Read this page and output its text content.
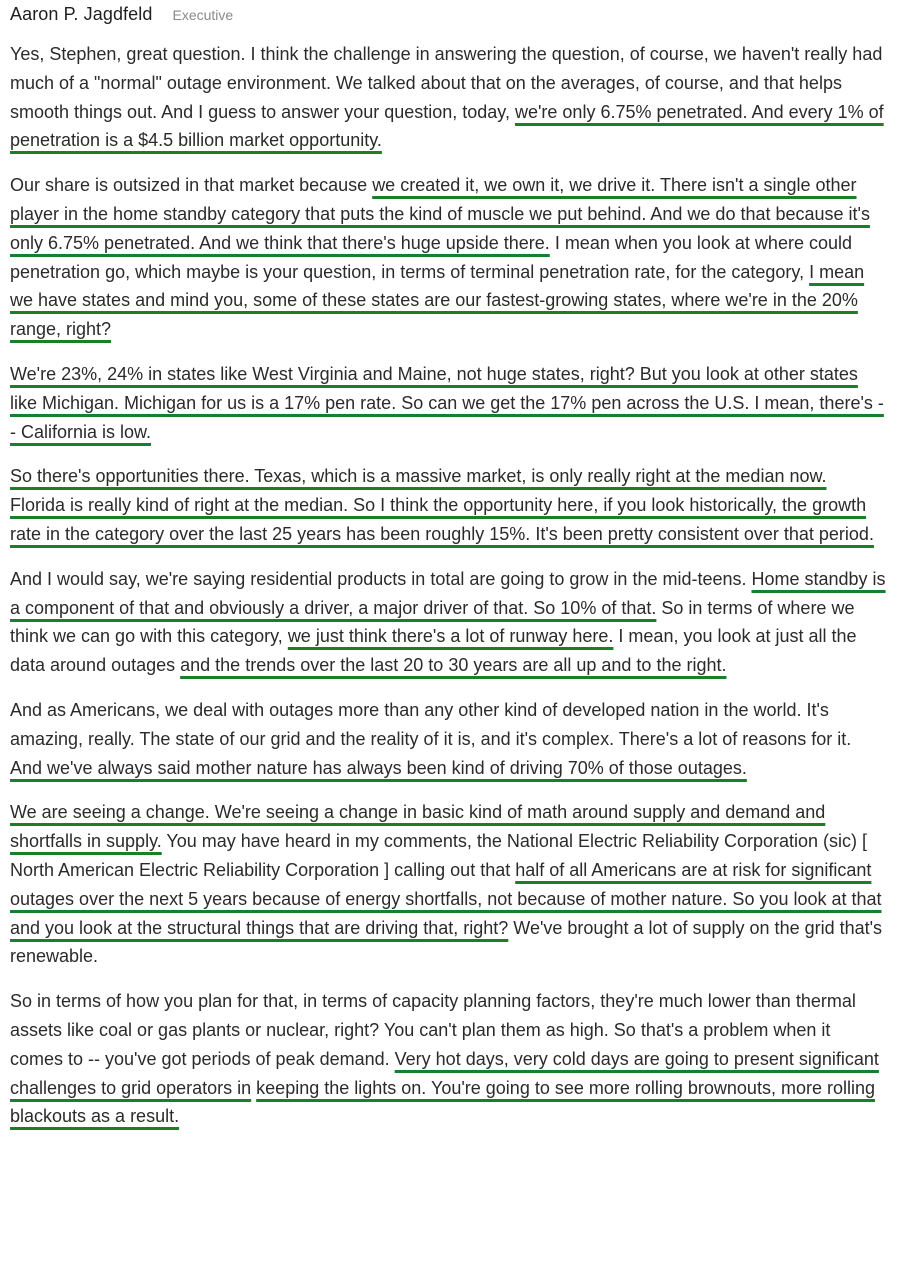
Aaron P. Jagdfeld Executive

Yes, Stephen, great question. I think the challenge in answering the question, of course, we haven't really had much of a "normal" outage environment. We talked about that on the averages, of course, and that helps smooth things out. And I guess to answer your question, today, we're only 6.75% penetrated. And every 1% of penetration is a $4.5 billion market opportunity.

Our share is outsized in that market because we created it, we own it, we drive it. There isn't a single other player in the home standby category that puts the kind of muscle we put behind. And we do that because it's only 6.75% penetrated. And we think that there's huge upside there. I mean when you look at where could penetration go, which maybe is your question, in terms of terminal penetration rate, for the category, I mean we have states and mind you, some of these states are our fastest-growing states, where we're in the 20% range, right?

We're 23%, 24% in states like West Virginia and Maine, not huge states, right? But you look at other states like Michigan. Michigan for us is a 17% pen rate. So can we get the 17% pen across the U.S. I mean, there's -- California is low.

So there's opportunities there. Texas, which is a massive market, is only really right at the median now. Florida is really kind of right at the median. So I think the opportunity here, if you look historically, the growth rate in the category over the last 25 years has been roughly 15%. It's been pretty consistent over that period.

And I would say, we're saying residential products in total are going to grow in the mid-teens. Home standby is a component of that and obviously a driver, a major driver of that. So 10% of that. So in terms of where we think we can go with this category, we just think there's a lot of runway here. I mean, you look at just all the data around outages and the trends over the last 20 to 30 years are all up and to the right.

And as Americans, we deal with outages more than any other kind of developed nation in the world. It's amazing, really. The state of our grid and the reality of it is, and it's complex. There's a lot of reasons for it. And we've always said mother nature has always been kind of driving 70% of those outages.

We are seeing a change. We're seeing a change in basic kind of math around supply and demand and shortfalls in supply. You may have heard in my comments, the National Electric Reliability Corporation (sic) [ North American Electric Reliability Corporation ] calling out that half of all Americans are at risk for significant outages over the next 5 years because of energy shortfalls, not because of mother nature. So you look at that and you look at the structural things that are driving that, right? We've brought a lot of supply on the grid that's renewable.

So in terms of how you plan for that, in terms of capacity planning factors, they're much lower than thermal assets like coal or gas plants or nuclear, right? You can't plan them as high. So that's a problem when it comes to -- you've got periods of peak demand. Very hot days, very cold days are going to present significant challenges to grid operators in keeping the lights on. You're going to see more rolling brownouts, more rolling blackouts as a result.
